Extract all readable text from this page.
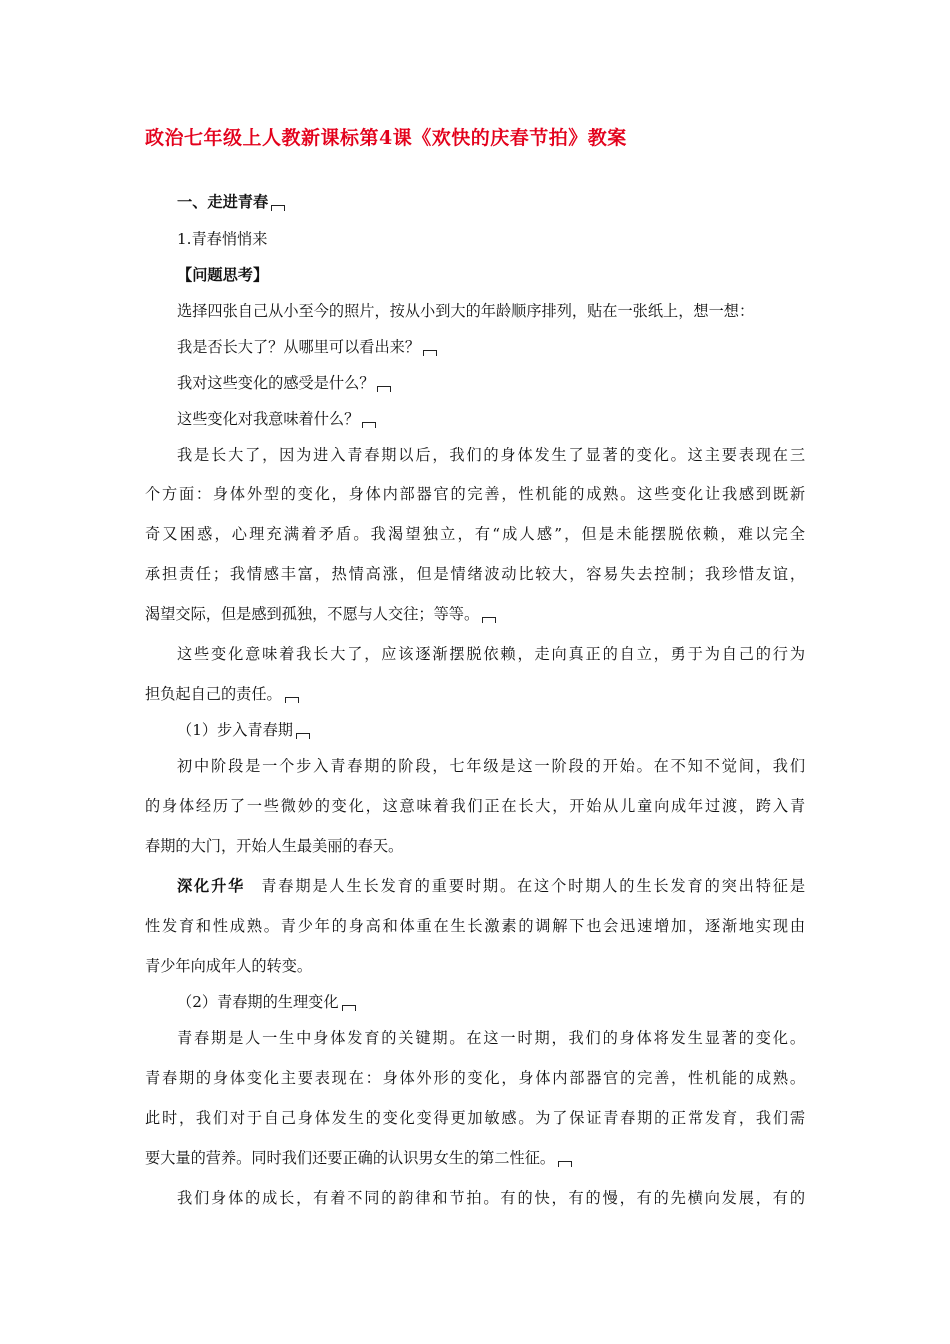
政治七年级上人教新课标第4课《欢快的庆春节拍》教案
一、走进青春
1.青春悄悄来
【问题思考】
选择四张自己从小至今的照片，按从小到大的年龄顺序排列，贴在一张纸上，想一想：
我是否长大了？从哪里可以看出来？
我对这些变化的感受是什么？
这些变化对我意味着什么？
我是长大了，因为进入青春期以后，我们的身体发生了显著的变化。这主要表现在三
个方面：身体外型的变化，身体内部器官的完善，性机能的成熟。这些变化让我感到既新
奇又困惑，心理充满着矛盾。我渴望独立，有“成人感”，但是未能摆脱依赖，难以完全
承担责任；我情感丰富，热情高涨，但是情绪波动比较大，容易失去控制；我珍惜友谊，
渴望交际，但是感到孤独，不愿与人交往；等等。
这些变化意味着我长大了，应该逐渐摆脱依赖，走向真正的自立，勇于为自己的行为
担负起自己的责任。
（1）步入青春期
初中阶段是一个步入青春期的阶段，七年级是这一阶段的开始。在不知不觉间，我们
的身体经历了一些微妙的变化，这意味着我们正在长大，开始从儿童向成年过渡，跨入青
春期的大门，开始人生最美丽的春天。
深化升华 青春期是人生长发育的重要时期。在这个时期人的生长发育的突出特征是
性发育和性成熟。青少年的身高和体重在生长激素的调解下也会迅速增加，逐渐地实现由
青少年向成年人的转变。
（2）青春期的生理变化
青春期是人一生中身体发育的关键期。在这一时期，我们的身体将发生显著的变化。
青春期的身体变化主要表现在：身体外形的变化，身体内部器官的完善，性机能的成熟。
此时，我们对于自己身体发生的变化变得更加敏感。为了保证青春期的正常发育，我们需
要大量的营养。同时我们还要正确的认识男女生的第二性征。
我们身体的成长，有着不同的韵律和节拍。有的快，有的慢，有的先横向发展，有的
